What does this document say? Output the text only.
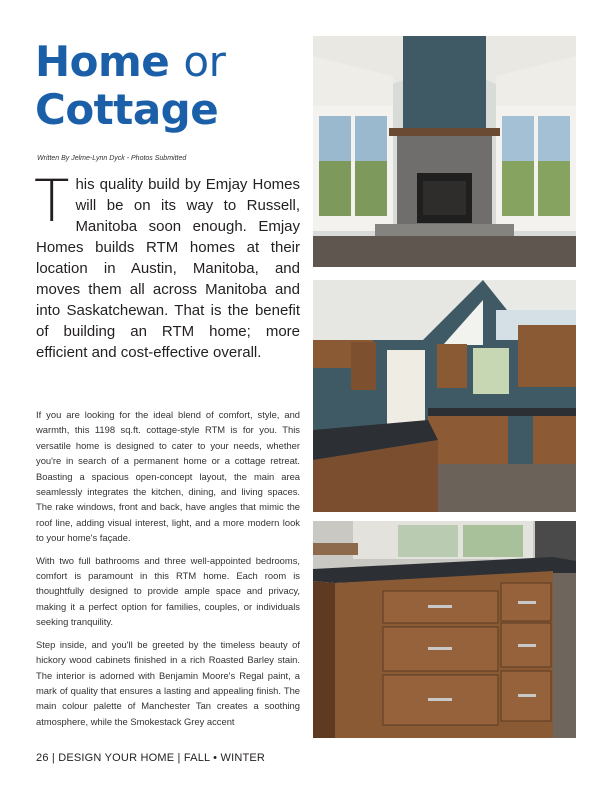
Home or
Cottage
Written By Jelme-Lynn Dyck - Photos Submitted

This quality build by Emjay Homes will be on its way to Russell, Manitoba soon enough. Emjay Homes builds RTM homes at their location in Austin, Manitoba, and moves them all across Manitoba and into Saskatchewan. That is the benefit of building an RTM home; more efficient and cost-effective overall.

If you are looking for the ideal blend of comfort, style, and warmth, this 1198 sq.ft. cottage-style RTM is for you. This versatile home is designed to cater to your needs, whether you're in search of a permanent home or a cottage retreat. Boasting a spacious open-concept layout, the main area seamlessly integrates the kitchen, dining, and living spaces. The rake windows, front and back, have angles that mimic the roof line, adding visual interest, light, and a more modern look to your home's façade.

With two full bathrooms and three well-appointed bedrooms, comfort is paramount in this RTM home. Each room is thoughtfully designed to provide ample space and privacy, making it a perfect option for families, couples, or individuals seeking tranquility.

Step inside, and you'll be greeted by the timeless beauty of hickory wood cabinets finished in a rich Roasted Barley stain. The interior is adorned with Benjamin Moore's Regal paint, a mark of quality that ensures a lasting and appealing finish. The main colour palette of Manchester Tan creates a soothing atmosphere, while the Smokestack Grey accent

26 | DESIGN YOUR HOME | FALL • WINTER
